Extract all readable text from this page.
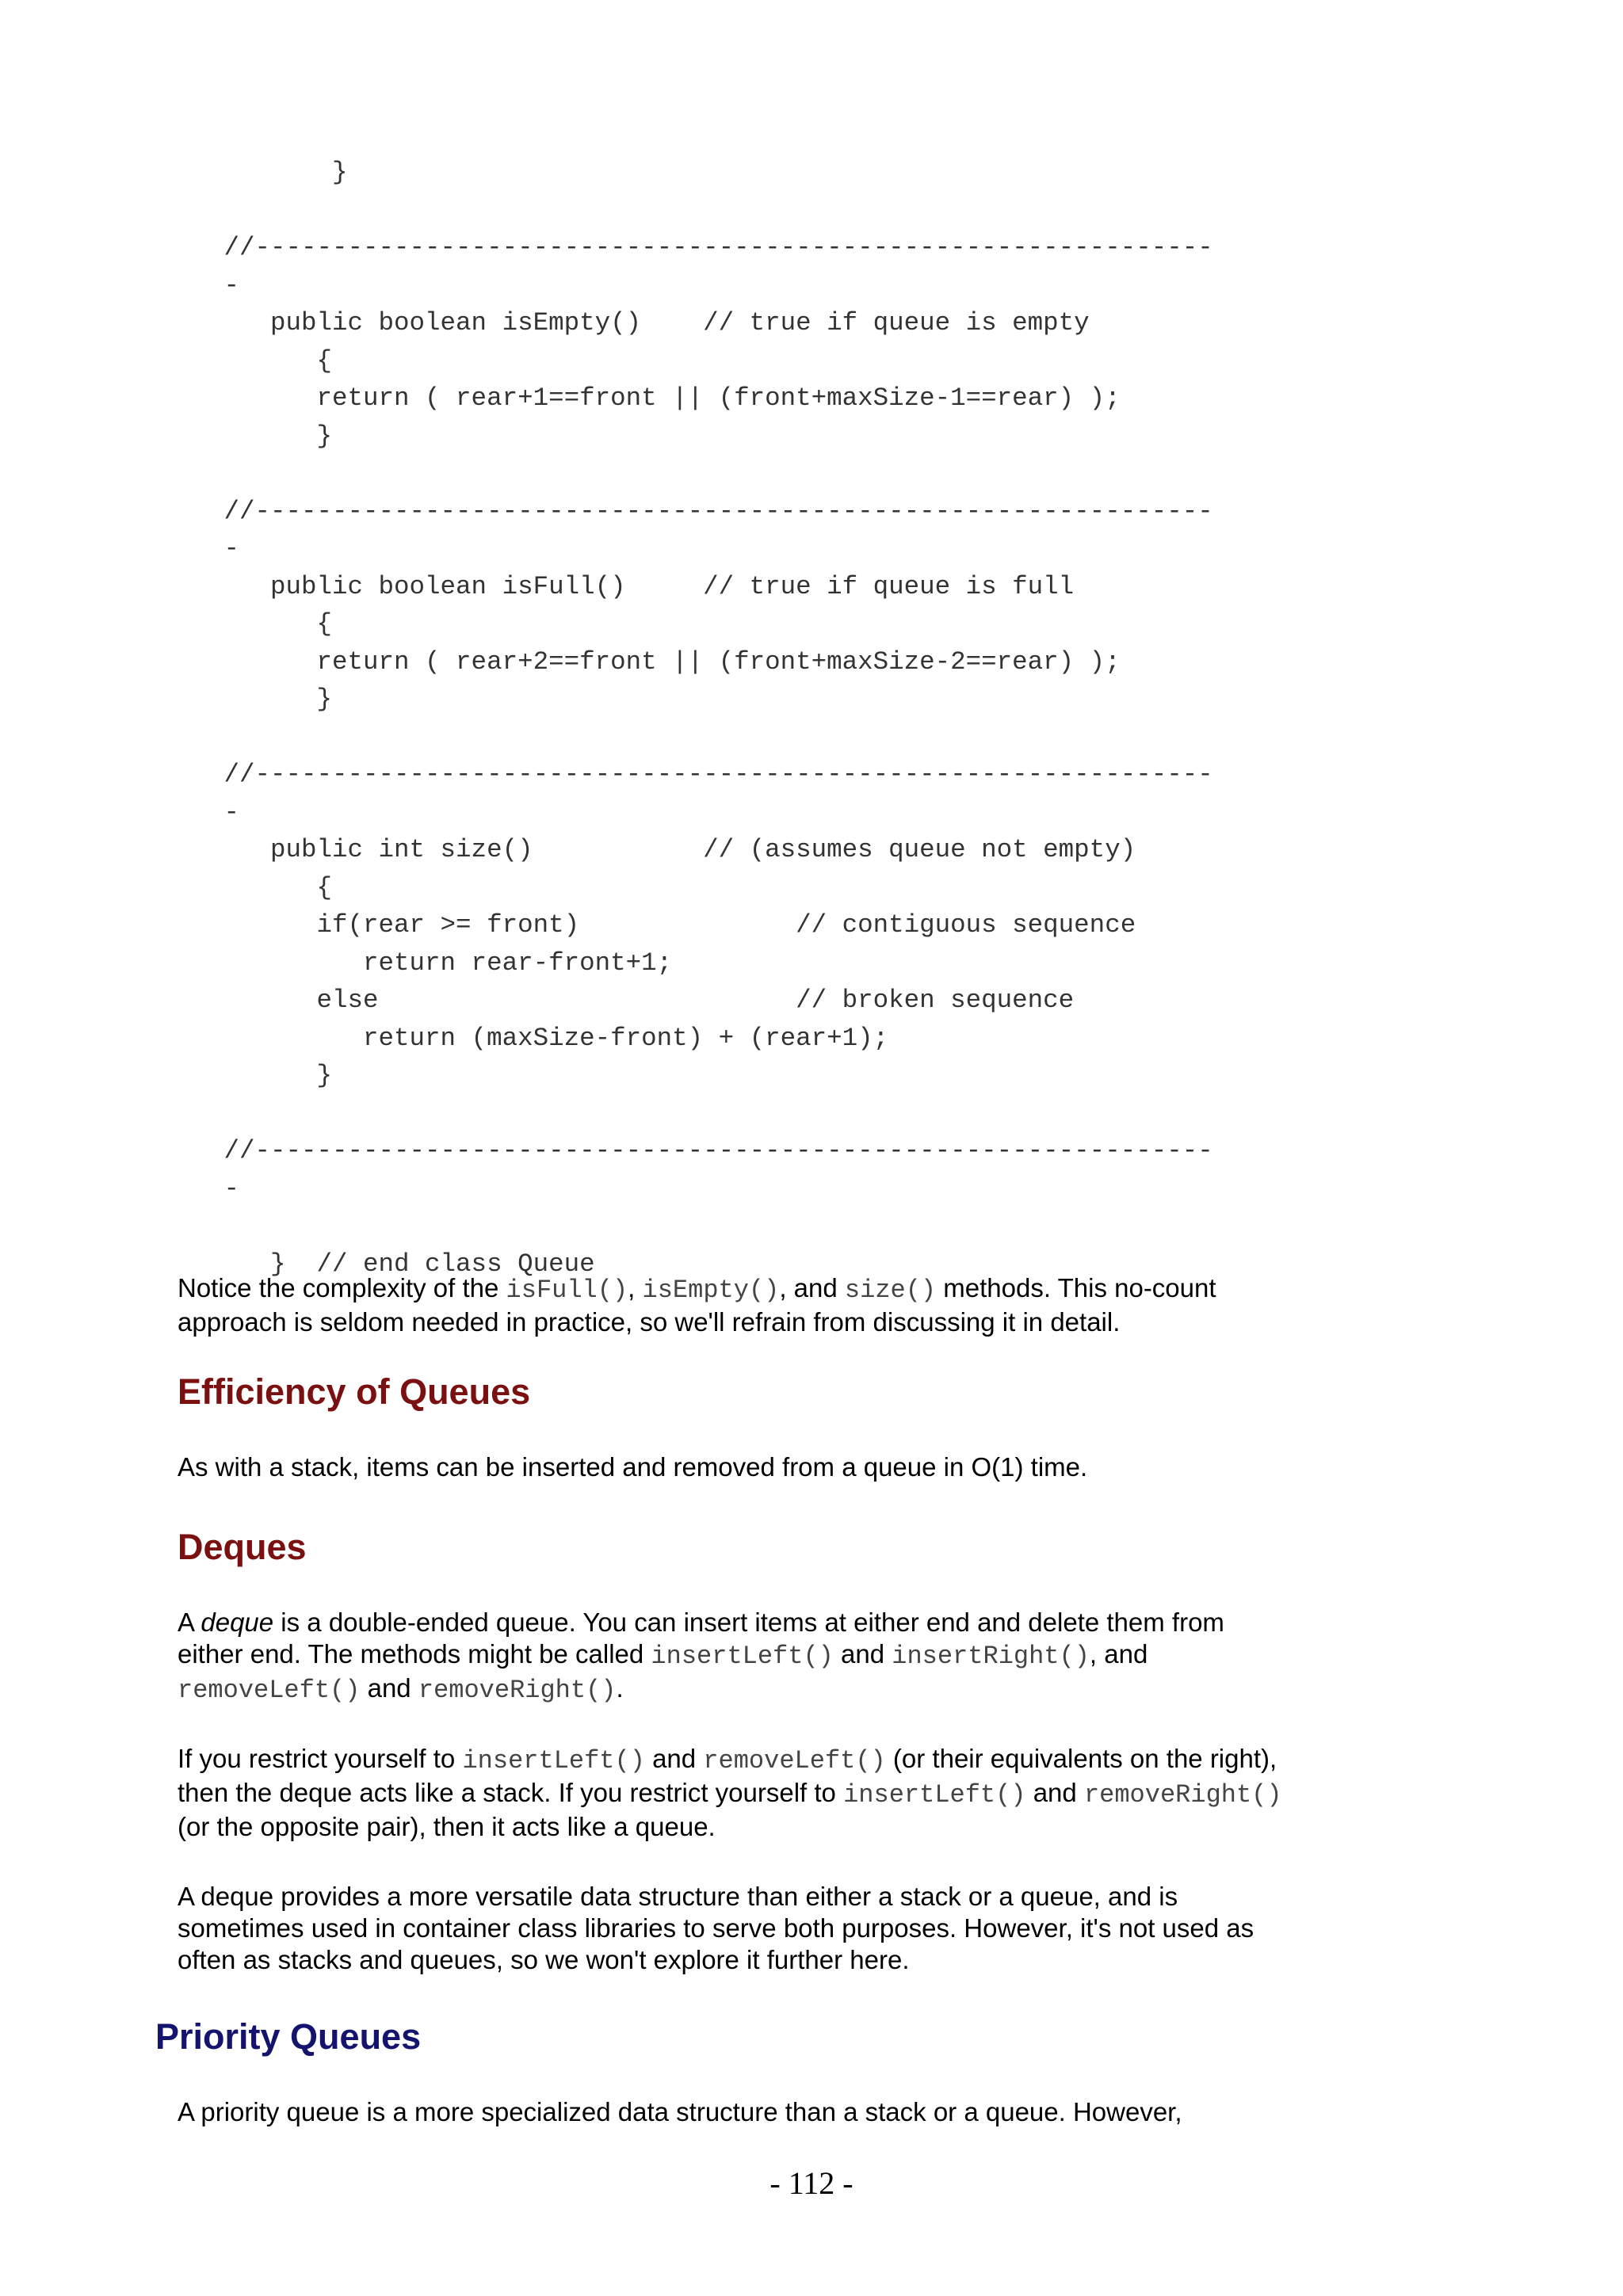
}

//--------------------------------------------------------------
-
public boolean isEmpty()    // true if queue is empty
{
return ( rear+1==front || (front+maxSize-1==rear) );
}

//--------------------------------------------------------------
-
public boolean isFull()     // true if queue is full
{
return ( rear+2==front || (front+maxSize-2==rear) );
}

//--------------------------------------------------------------
-
public int size()           // (assumes queue not empty)
{
if(rear >= front)              // contiguous sequence
return rear-front+1;
else                           // broken sequence
return (maxSize-front) + (rear+1);
}

//--------------------------------------------------------------
-

}  // end class Queue

Notice the complexity of the isFull(), isEmpty(), and size() methods. This no-count approach is seldom needed in practice, so we'll refrain from discussing it in detail.

Efficiency of Queues

As with a stack, items can be inserted and removed from a queue in O(1) time.

Deques

A deque is a double-ended queue. You can insert items at either end and delete them from either end. The methods might be called insertLeft() and insertRight(), and removeLeft() and removeRight().

If you restrict yourself to insertLeft() and removeLeft() (or their equivalents on the right), then the deque acts like a stack. If you restrict yourself to insertLeft() and removeRight() (or the opposite pair), then it acts like a queue.

A deque provides a more versatile data structure than either a stack or a queue, and is sometimes used in container class libraries to serve both purposes. However, it's not used as often as stacks and queues, so we won't explore it further here.

Priority Queues

A priority queue is a more specialized data structure than a stack or a queue. However,

- 112 -
